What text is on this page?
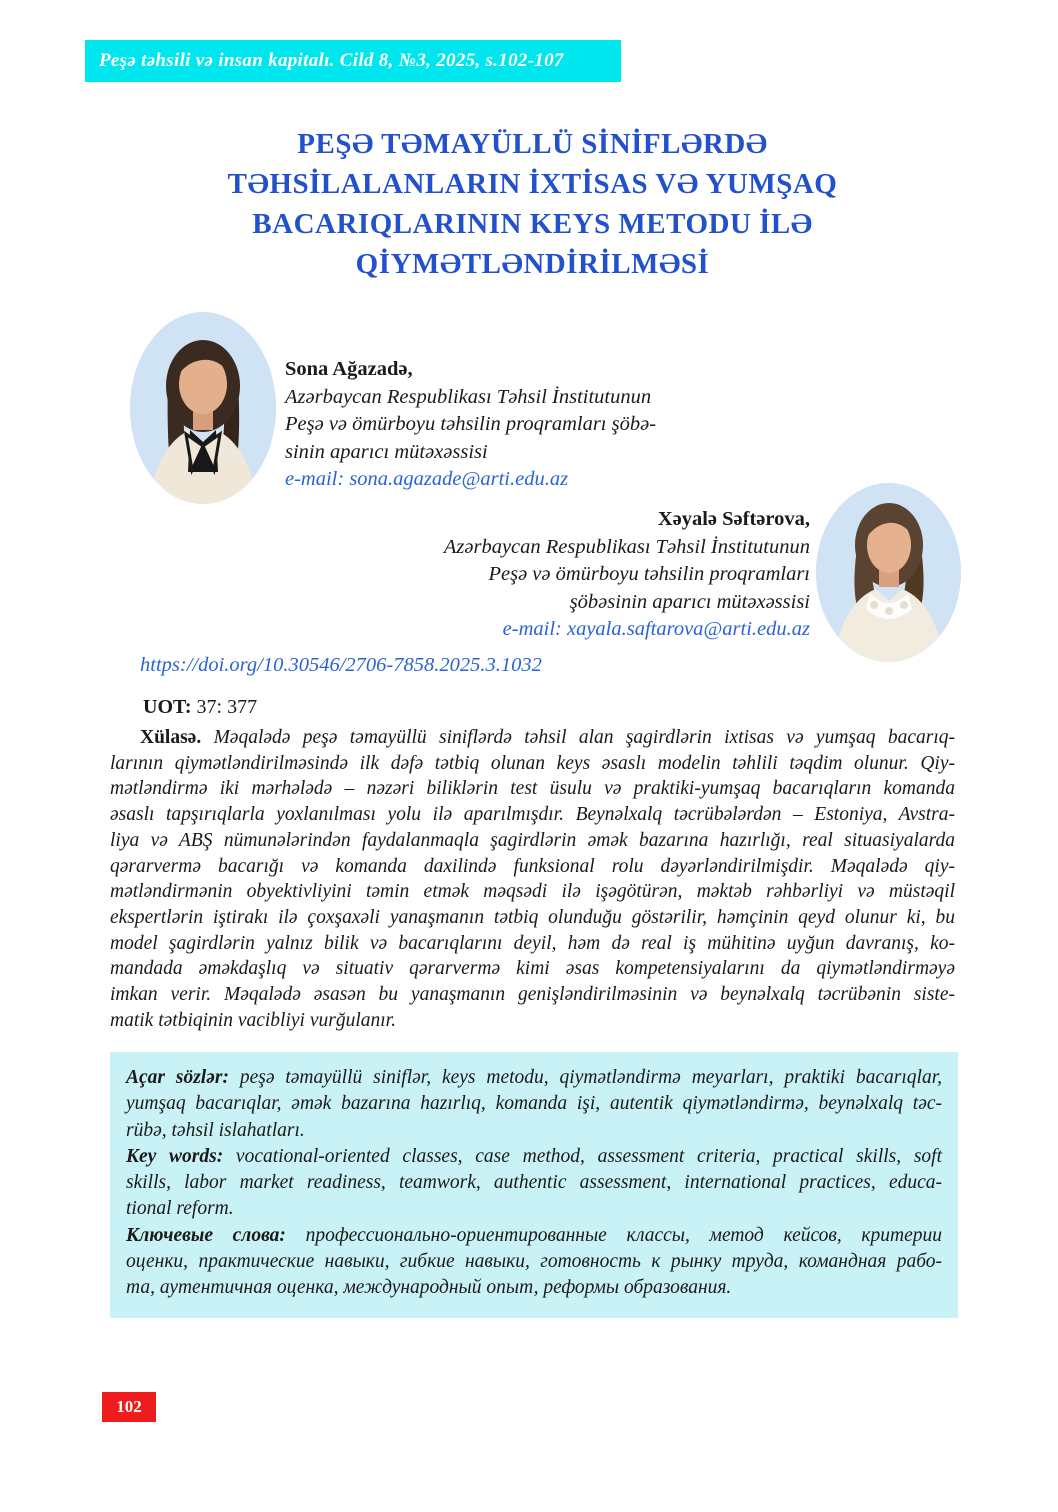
Peşə təhsili və insan kapitalı. Cild 8, №3, 2025, s.102-107
PEŞƏ TƏMAYÜLLÜ SİNİFLƏRDƏ
TƏHSİLALANLARIN İXTİSAS VƏ YUMŞAQ
BACARIQLARININ KEYS METODU İLƏ
QİYMƏTLƏNDİRİLMƏSİ
Sona Ağazadə,
Azərbaycan Respublikası Təhsil İnstitutunun
Peşə və ömürboyu təhsilin proqramları şöbə-
sinin aparıcı mütəxəssisi
e-mail: sona.agazade@arti.edu.az
Xəyalə Səftərova,
Azərbaycan Respublikası Təhsil İnstitutunun
Peşə və ömürboyu təhsilin proqramları
şöbəsinin aparıcı mütəxəssisi
e-mail: xayala.saftarova@arti.edu.az
https://doi.org/10.30546/2706-7858.2025.3.1032
UOT: 37: 377
Xülasə. Məqalədə peşə təmayüllü siniflərdə təhsil alan şagirdlərin ixtisas və yumşaq bacarıq-
larının qiymətləndirilməsində ilk dəfə tətbiq olunan keys əsaslı modelin təhlili təqdim olunur. Qiy-
mətləndirmə iki mərhələdə – nəzəri biliklərin test üsulu və praktiki-yumşaq bacarıqların komanda
əsaslı tapşırıqlarla yoxlanılması yolu ilə aparılmışdır. Beynəlxalq təcrübələrdən – Estoniya, Avstra-
liya və ABŞ nümunələrindən faydalanmaqla şagirdlərin əmək bazarına hazırlığı, real situasiyalarda
qərarvermə bacarığı və komanda daxilində funksional rolu dəyərləndirilmişdir. Məqalədə qiy-
mətləndirmənin obyektivliyini təmin etmək məqsədi ilə işəgötürən, məktəb rəhbərliyi və müstəqil
ekspertlərin iştirakı ilə çoxşaxəli yanaşmanın tətbiq olunduğu göstərilir, həmçinin qeyd olunur ki, bu
model şagirdlərin yalnız bilik və bacarıqlarını deyil, həm də real iş mühitinə uyğun davranış, ko-
mandada əməkdaşlıq və situativ qərarvermə kimi əsas kompetensiyalarını da qiymətləndirməyə
imkan verir. Məqalədə əsasən bu yanaşmanın genişləndirilməsinin və beynəlxalq təcrübənin siste-
matik tətbiqinin vacibliyi vurğulanır.
Açar sözlər: peşə təmayüllü siniflər, keys metodu, qiymətləndirmə meyarları, praktiki bacarıqlar,
yumşaq bacarıqlar, əmək bazarına hazırlıq, komanda işi, autentik qiymətləndirmə, beynəlxalq təc-
rübə, təhsil islahatları.
Key words: vocational-oriented classes, case method, assessment criteria, practical skills, soft
skills, labor market readiness, teamwork, authentic assessment, international practices, educa-
tional reform.
Ключевые слова: профессионально-ориентированные классы, метод кейсов, критерии
оценки, практические навыки, гибкие навыки, готовность к рынку труда, командная рабо-
та, аутентичная оценка, международный опыт, реформы образования.
102
